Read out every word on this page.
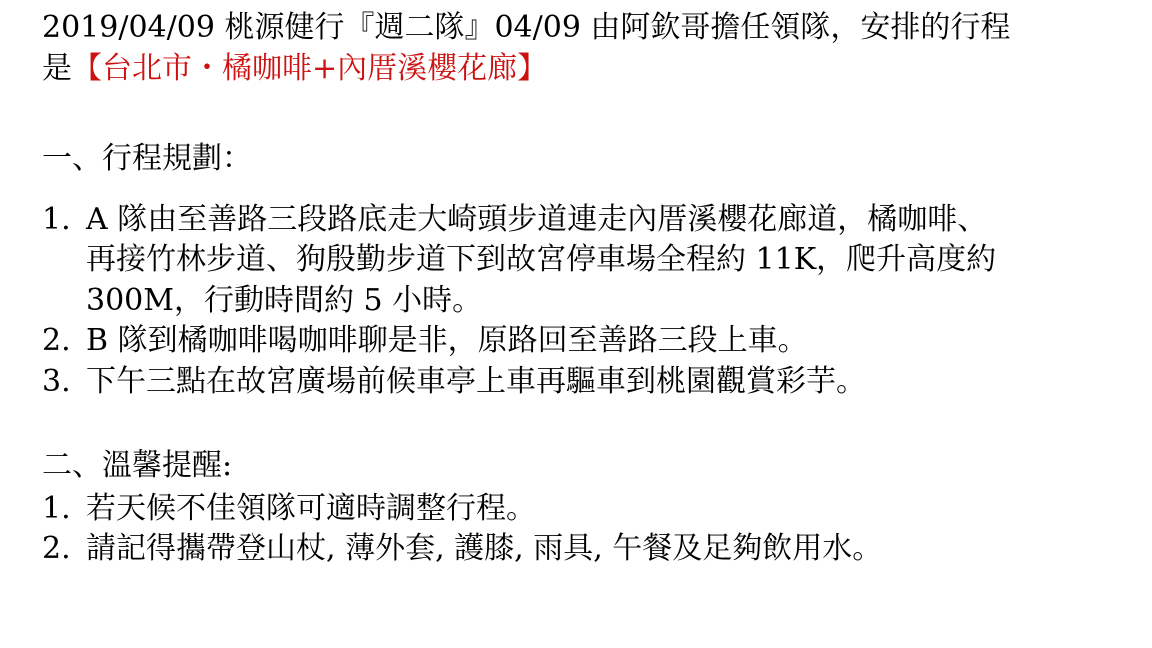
2019/04/09 桃源健行『週二隊』04/09 由阿欽哥擔任領隊，安排的行程是【台北市・橘咖啡+內厝溪櫻花廊】

一、行程規劃：
1. A 隊由至善路三段路底走大崎頭步道連走內厝溪櫻花廊道，橘咖啡、再接竹林步道、狗殷勤步道下到故宮停車場全程約 11K，爬升高度約 300M，行動時間約 5 小時。
2. B 隊到橘咖啡喝咖啡聊是非，原路回至善路三段上車。
3. 下午三點在故宮廣場前候車亭上車再驅車到桃園觀賞彩芋。
二、溫馨提醒:
1. 若天候不佳領隊可適時調整行程。
2. 請記得攜帶登山杖, 薄外套, 護膝, 雨具, 午餐及足夠飲用水。
